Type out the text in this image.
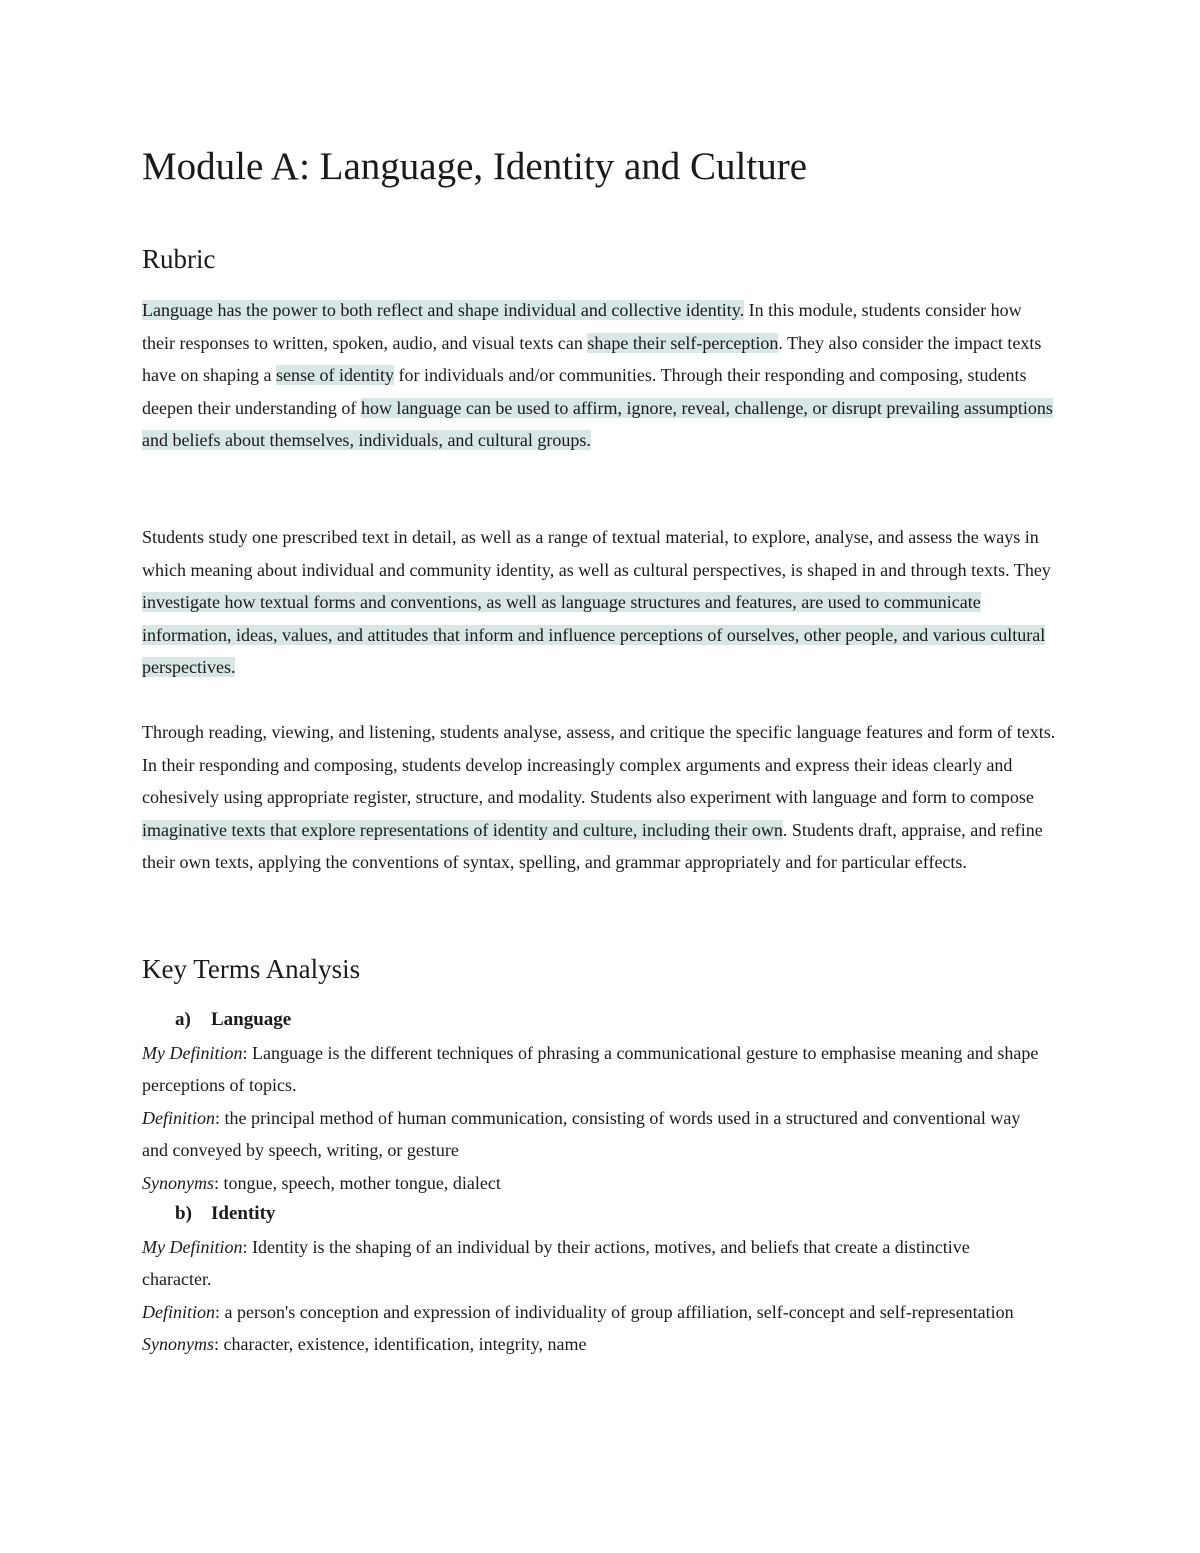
Module A: Language, Identity and Culture
Rubric

Language has the power to both reflect and shape individual and collective identity. In this module, students consider how their responses to written, spoken, audio, and visual texts can shape their self-perception. They also consider the impact texts have on shaping a sense of identity for individuals and/or communities. Through their responding and composing, students deepen their understanding of how language can be used to affirm, ignore, reveal, challenge, or disrupt prevailing assumptions and beliefs about themselves, individuals, and cultural groups.

Students study one prescribed text in detail, as well as a range of textual material, to explore, analyse, and assess the ways in which meaning about individual and community identity, as well as cultural perspectives, is shaped in and through texts. They investigate how textual forms and conventions, as well as language structures and features, are used to communicate information, ideas, values, and attitudes that inform and influence perceptions of ourselves, other people, and various cultural perspectives.

Through reading, viewing, and listening, students analyse, assess, and critique the specific language features and form of texts. In their responding and composing, students develop increasingly complex arguments and express their ideas clearly and cohesively using appropriate register, structure, and modality. Students also experiment with language and form to compose imaginative texts that explore representations of identity and culture, including their own. Students draft, appraise, and refine their own texts, applying the conventions of syntax, spelling, and grammar appropriately and for particular effects.

Key Terms Analysis
a) Language

My Definition: Language is the different techniques of phrasing a communicational gesture to emphasise meaning and shape perceptions of topics.

Definition: the principal method of human communication, consisting of words used in a structured and conventional way and conveyed by speech, writing, or gesture

Synonyms: tongue, speech, mother tongue, dialect

b) Identity

My Definition: Identity is the shaping of an individual by their actions, motives, and beliefs that create a distinctive character.

Definition: a person's conception and expression of individuality of group affiliation, self-concept and self-representation

Synonyms: character, existence, identification, integrity, name
